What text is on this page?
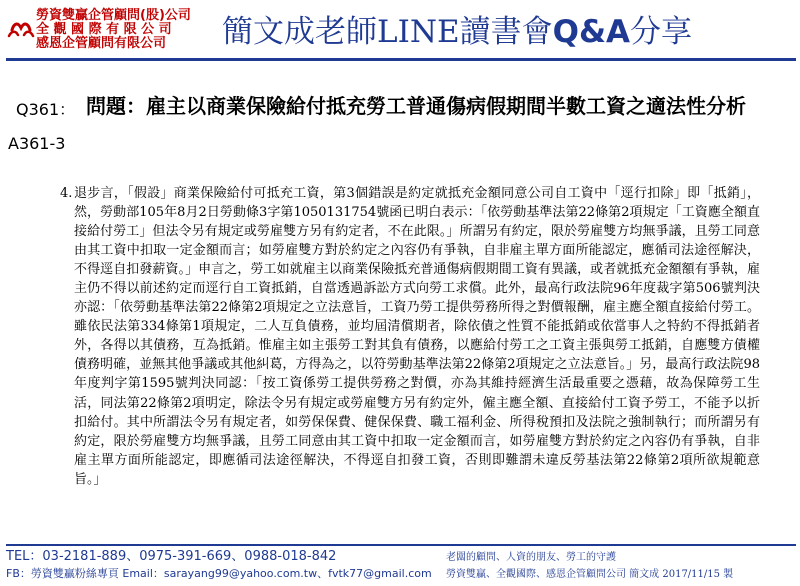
勞資雙贏企管顧問(股)公司
全 觀 國 際 有 限 公 司
感恩企管顧問有限公司	簡文成老師LINE讀書會Q&A分享
Q361： 問題：雇主以商業保險給付抵充勞工普通傷病假期間半數工資之適法性分析
A361-3
4. 退步言，「假設」商業保險給付可抵充工資，第3個錯誤是約定就抵充金額同意公司自工資中「逕行扣除」即「抵銷」，然，勞動部105年8月2日勞動條3字第1050131754號函已明白表示：「依勞動基準法第22條第2項規定「工資應全額直接給付勞工」但法令另有規定或勞雇雙方另有約定者，不在此限。」所謂另有約定，限於勞雇雙方均無爭議，且勞工同意由其工資中扣取一定金額而言；如勞雇雙方對於約定之內容仍有爭執，自非雇主單方面所能認定，應循司法途徑解決，不得逕自扣發薪資。」申言之，勞工如就雇主以商業保險抵充普通傷病假期間工資有異議，或者就抵充金額額有爭執，雇主仍不得以前述約定而逕行自工資抵銷，自當透過訴訟方式向勞工求償。此外，最高行政法院96年度裁字第506號判決亦認：「依勞動基準法第22條第2項規定之立法意旨，工資乃勞工提供勞務所得之對價報酬，雇主應全額直接給付勞工。雖依民法第334條第1項規定，二人互負債務，並均屆清償期者，除依債之性質不能抵銷或依當事人之特約不得抵銷者外，各得以其債務，互為抵銷。惟雇主如主張勞工對其負有債務，以應給付勞工之工資主張與勞工抵銷，自應雙方債權債務明確，並無其他爭議或其他糾葛，方得為之，以符勞動基準法第22條第2項規定之立法意旨。」另，最高行政法院98年度判字第1595號判決同認：「按工資係勞工提供勞務之對價，亦為其維持經濟生活最重要之憑藉，故為保障勞工生活，同法第22條第2項明定，除法令另有規定或勞雇雙方另有約定外，僱主應全額、直接給付工資予勞工，不能予以折扣給付。其中所謂法令另有規定者，如勞保保費、健保保費、職工福利金、所得稅預扣及法院之強制執行；而所謂另有約定，限於勞雇雙方均無爭議，且勞工同意由其工資中扣取一定金額而言，如勞雇雙方對於約定之內容仍有爭執，自非雇主單方面所能認定，即應循司法途徑解決，不得逕自扣發工資，否則即難謂未違反勞基法第22條第2項所欲規範意旨。」
TEL：03-2181-889、0975-391-669、0988-018-842
FB：勞資雙贏粉絲專頁 Email：sarayang99@yahoo.com.tw、fvtk77@gmail.com
老闆的顧問、人資的朋友、勞工的守護
勞資雙贏、全觀國際、感恩企管顧問公司 簡文成 2017/11/15 製
